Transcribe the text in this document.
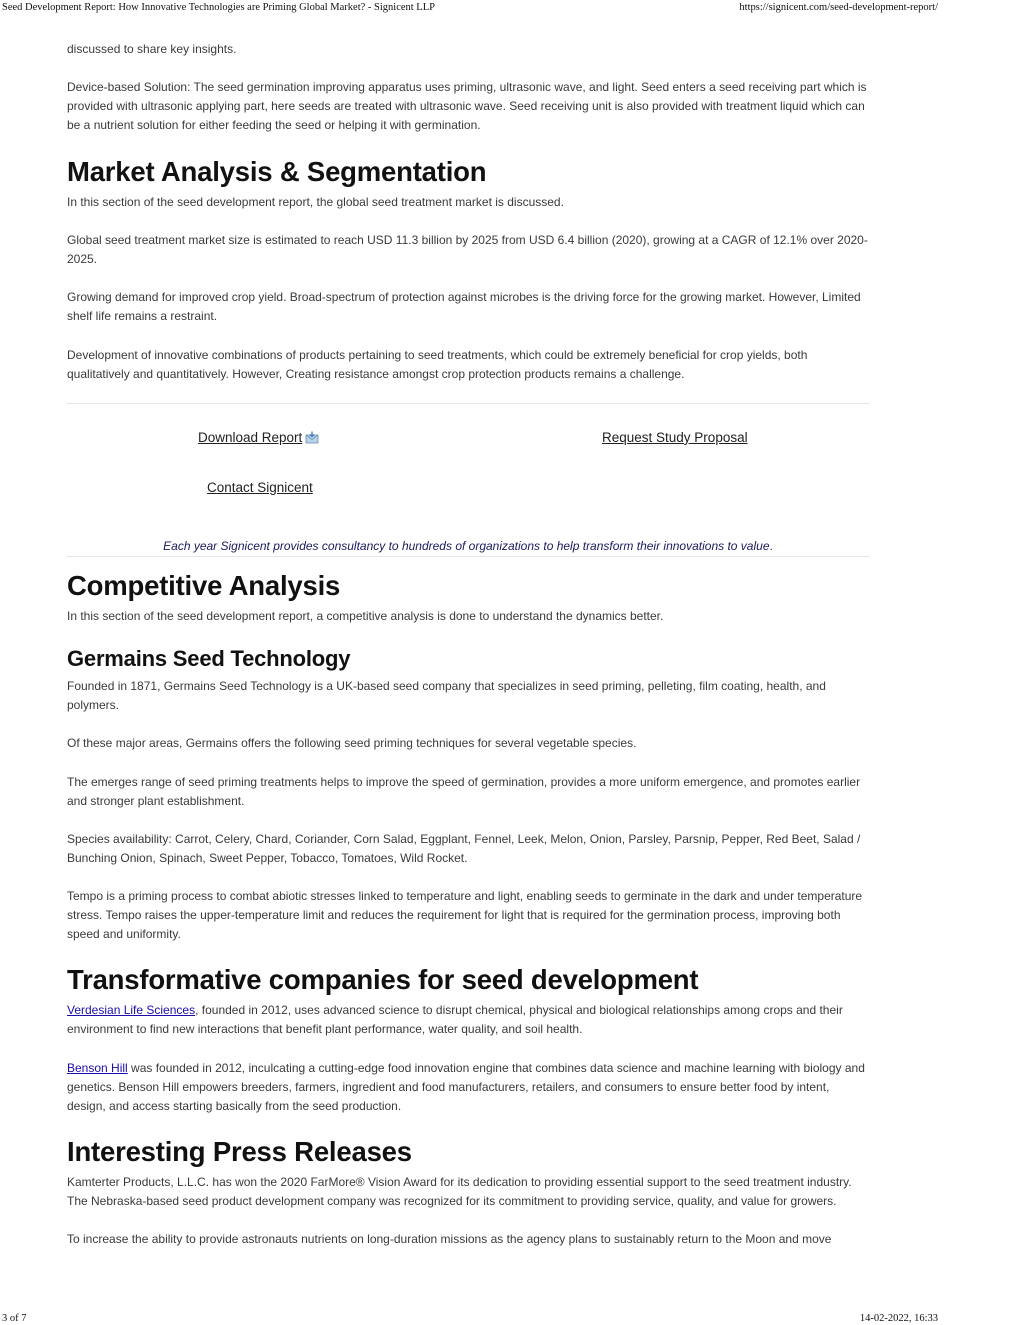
Seed Development Report: How Innovative Technologies are Priming Global Market? - Signicent LLP	https://signicent.com/seed-development-report/

discussed to share key insights.

Device-based Solution: The seed germination improving apparatus uses priming, ultrasonic wave, and light. Seed enters a seed receiving part which is provided with ultrasonic applying part, here seeds are treated with ultrasonic wave. Seed receiving unit is also provided with treatment liquid which can be a nutrient solution for either feeding the seed or helping it with germination.

Market Analysis & Segmentation

In this section of the seed development report, the global seed treatment market is discussed.

Global seed treatment market size is estimated to reach USD 11.3 billion by 2025 from USD 6.4 billion (2020), growing at a CAGR of 12.1% over 2020-2025.

Growing demand for improved crop yield. Broad-spectrum of protection against microbes is the driving force for the growing market. However, Limited shelf life remains a restraint.

Development of innovative combinations of products pertaining to seed treatments, which could be extremely beneficial for crop yields, both qualitatively and quantitatively. However, Creating resistance amongst crop protection products remains a challenge.

Download Report	Request Study Proposal
Contact Signicent
Each year Signicent provides consultancy to hundreds of organizations to help transform their innovations to value.
Competitive Analysis

In this section of the seed development report, a competitive analysis is done to understand the dynamics better.

Germains Seed Technology

Founded in 1871, Germains Seed Technology is a UK-based seed company that specializes in seed priming, pelleting, film coating, health, and polymers.

Of these major areas, Germains offers the following seed priming techniques for several vegetable species.

The emerges range of seed priming treatments helps to improve the speed of germination, provides a more uniform emergence, and promotes earlier and stronger plant establishment.

Species availability: Carrot, Celery, Chard, Coriander, Corn Salad, Eggplant, Fennel, Leek, Melon, Onion, Parsley, Parsnip, Pepper, Red Beet, Salad / Bunching Onion, Spinach, Sweet Pepper, Tobacco, Tomatoes, Wild Rocket.

Tempo is a priming process to combat abiotic stresses linked to temperature and light, enabling seeds to germinate in the dark and under temperature stress. Tempo raises the upper-temperature limit and reduces the requirement for light that is required for the germination process, improving both speed and uniformity.

Transformative companies for seed development

Verdesian Life Sciences, founded in 2012, uses advanced science to disrupt chemical, physical and biological relationships among crops and their environment to find new interactions that benefit plant performance, water quality, and soil health.

Benson Hill was founded in 2012, inculcating a cutting-edge food innovation engine that combines data science and machine learning with biology and genetics. Benson Hill empowers breeders, farmers, ingredient and food manufacturers, retailers, and consumers to ensure better food by intent, design, and access starting basically from the seed production.

Interesting Press Releases

Kamterter Products, L.L.C. has won the 2020 FarMore® Vision Award for its dedication to providing essential support to the seed treatment industry. The Nebraska-based seed product development company was recognized for its commitment to providing service, quality, and value for growers.

To increase the ability to provide astronauts nutrients on long-duration missions as the agency plans to sustainably return to the Moon and move

3 of 7	14-02-2022, 16:33
